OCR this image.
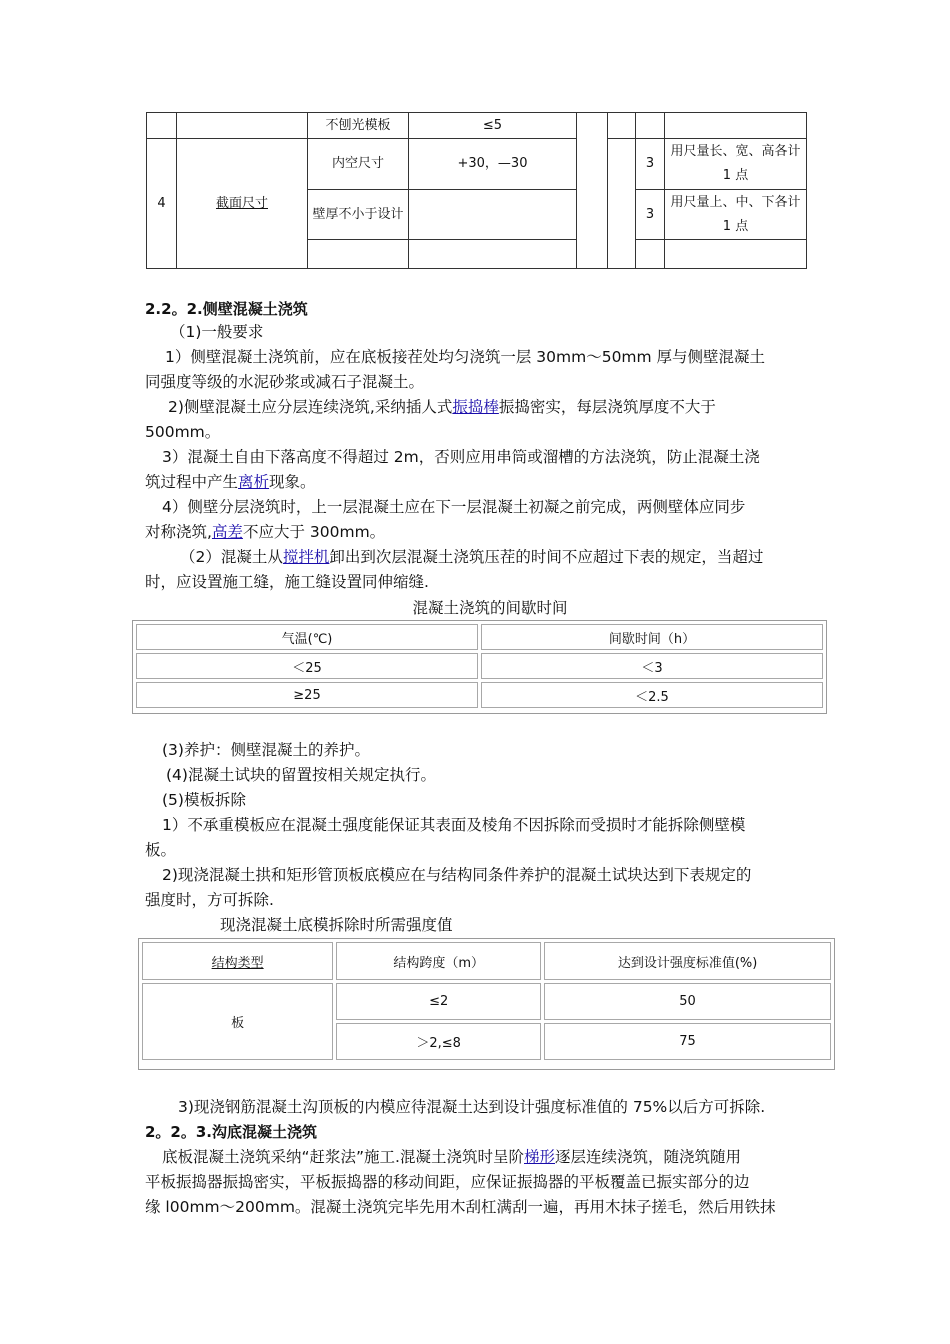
		不刨光模板	≤5				
4	截面尺寸	内空尺寸	+30，—30			3	用尺量长、宽、高各计 1 点
		壁厚不小于设计				3	用尺量上、中、下各计 1 点

2.2。2.侧壁混凝土浇筑
（1)一般要求
1）侧壁混凝土浇筑前，应在底板接茬处均匀浇筑一层 30mm～50mm 厚与侧壁混凝土
同强度等级的水泥砂浆或减石子混凝土。
2)侧壁混凝土应分层连续浇筑,采纳插人式振捣棒振捣密实，每层浇筑厚度不大于
500mm。
3）混凝土自由下落高度不得超过 2m，否则应用串筒或溜槽的方法浇筑，防止混凝土浇
筑过程中产生离析现象。
4）侧壁分层浇筑时，上一层混凝土应在下一层混凝土初凝之前完成，两侧壁体应同步
对称浇筑,高差不应大于 300mm。
（2）混凝土从搅拌机卸出到次层混凝土浇筑压茬的时间不应超过下表的规定，当超过
时，应设置施工缝，施工缝设置同伸缩缝.
混凝土浇筑的间歇时间
气温(℃)	间歇时间（h）
＜25	＜3
≥25	＜2.5
(3)养护：侧壁混凝土的养护。
(4)混凝土试块的留置按相关规定执行。
(5)模板拆除
1）不承重模板应在混凝土强度能保证其表面及棱角不因拆除而受损时才能拆除侧壁模
板。
2)现浇混凝土拱和矩形管顶板底模应在与结构同条件养护的混凝土试块达到下表规定的
强度时，方可拆除.
现浇混凝土底模拆除时所需强度值
结构类型	结构跨度（m）	达到设计强度标准值(%)
板	≤2	50
	＞2,≤8	75
3)现浇钢筋混凝土沟顶板的内模应待混凝土达到设计强度标准值的 75%以后方可拆除.
2。2。3.沟底混凝土浇筑
底板混凝土浇筑采纳“赶浆法”施工.混凝土浇筑时呈阶梯形逐层连续浇筑，随浇筑随用
平板振捣器振捣密实，平板振捣器的移动间距，应保证振捣器的平板覆盖已振实部分的边
缘 l00mm～200mm。混凝土浇筑完毕先用木刮杠满刮一遍，再用木抹子搓毛，然后用铁抹
